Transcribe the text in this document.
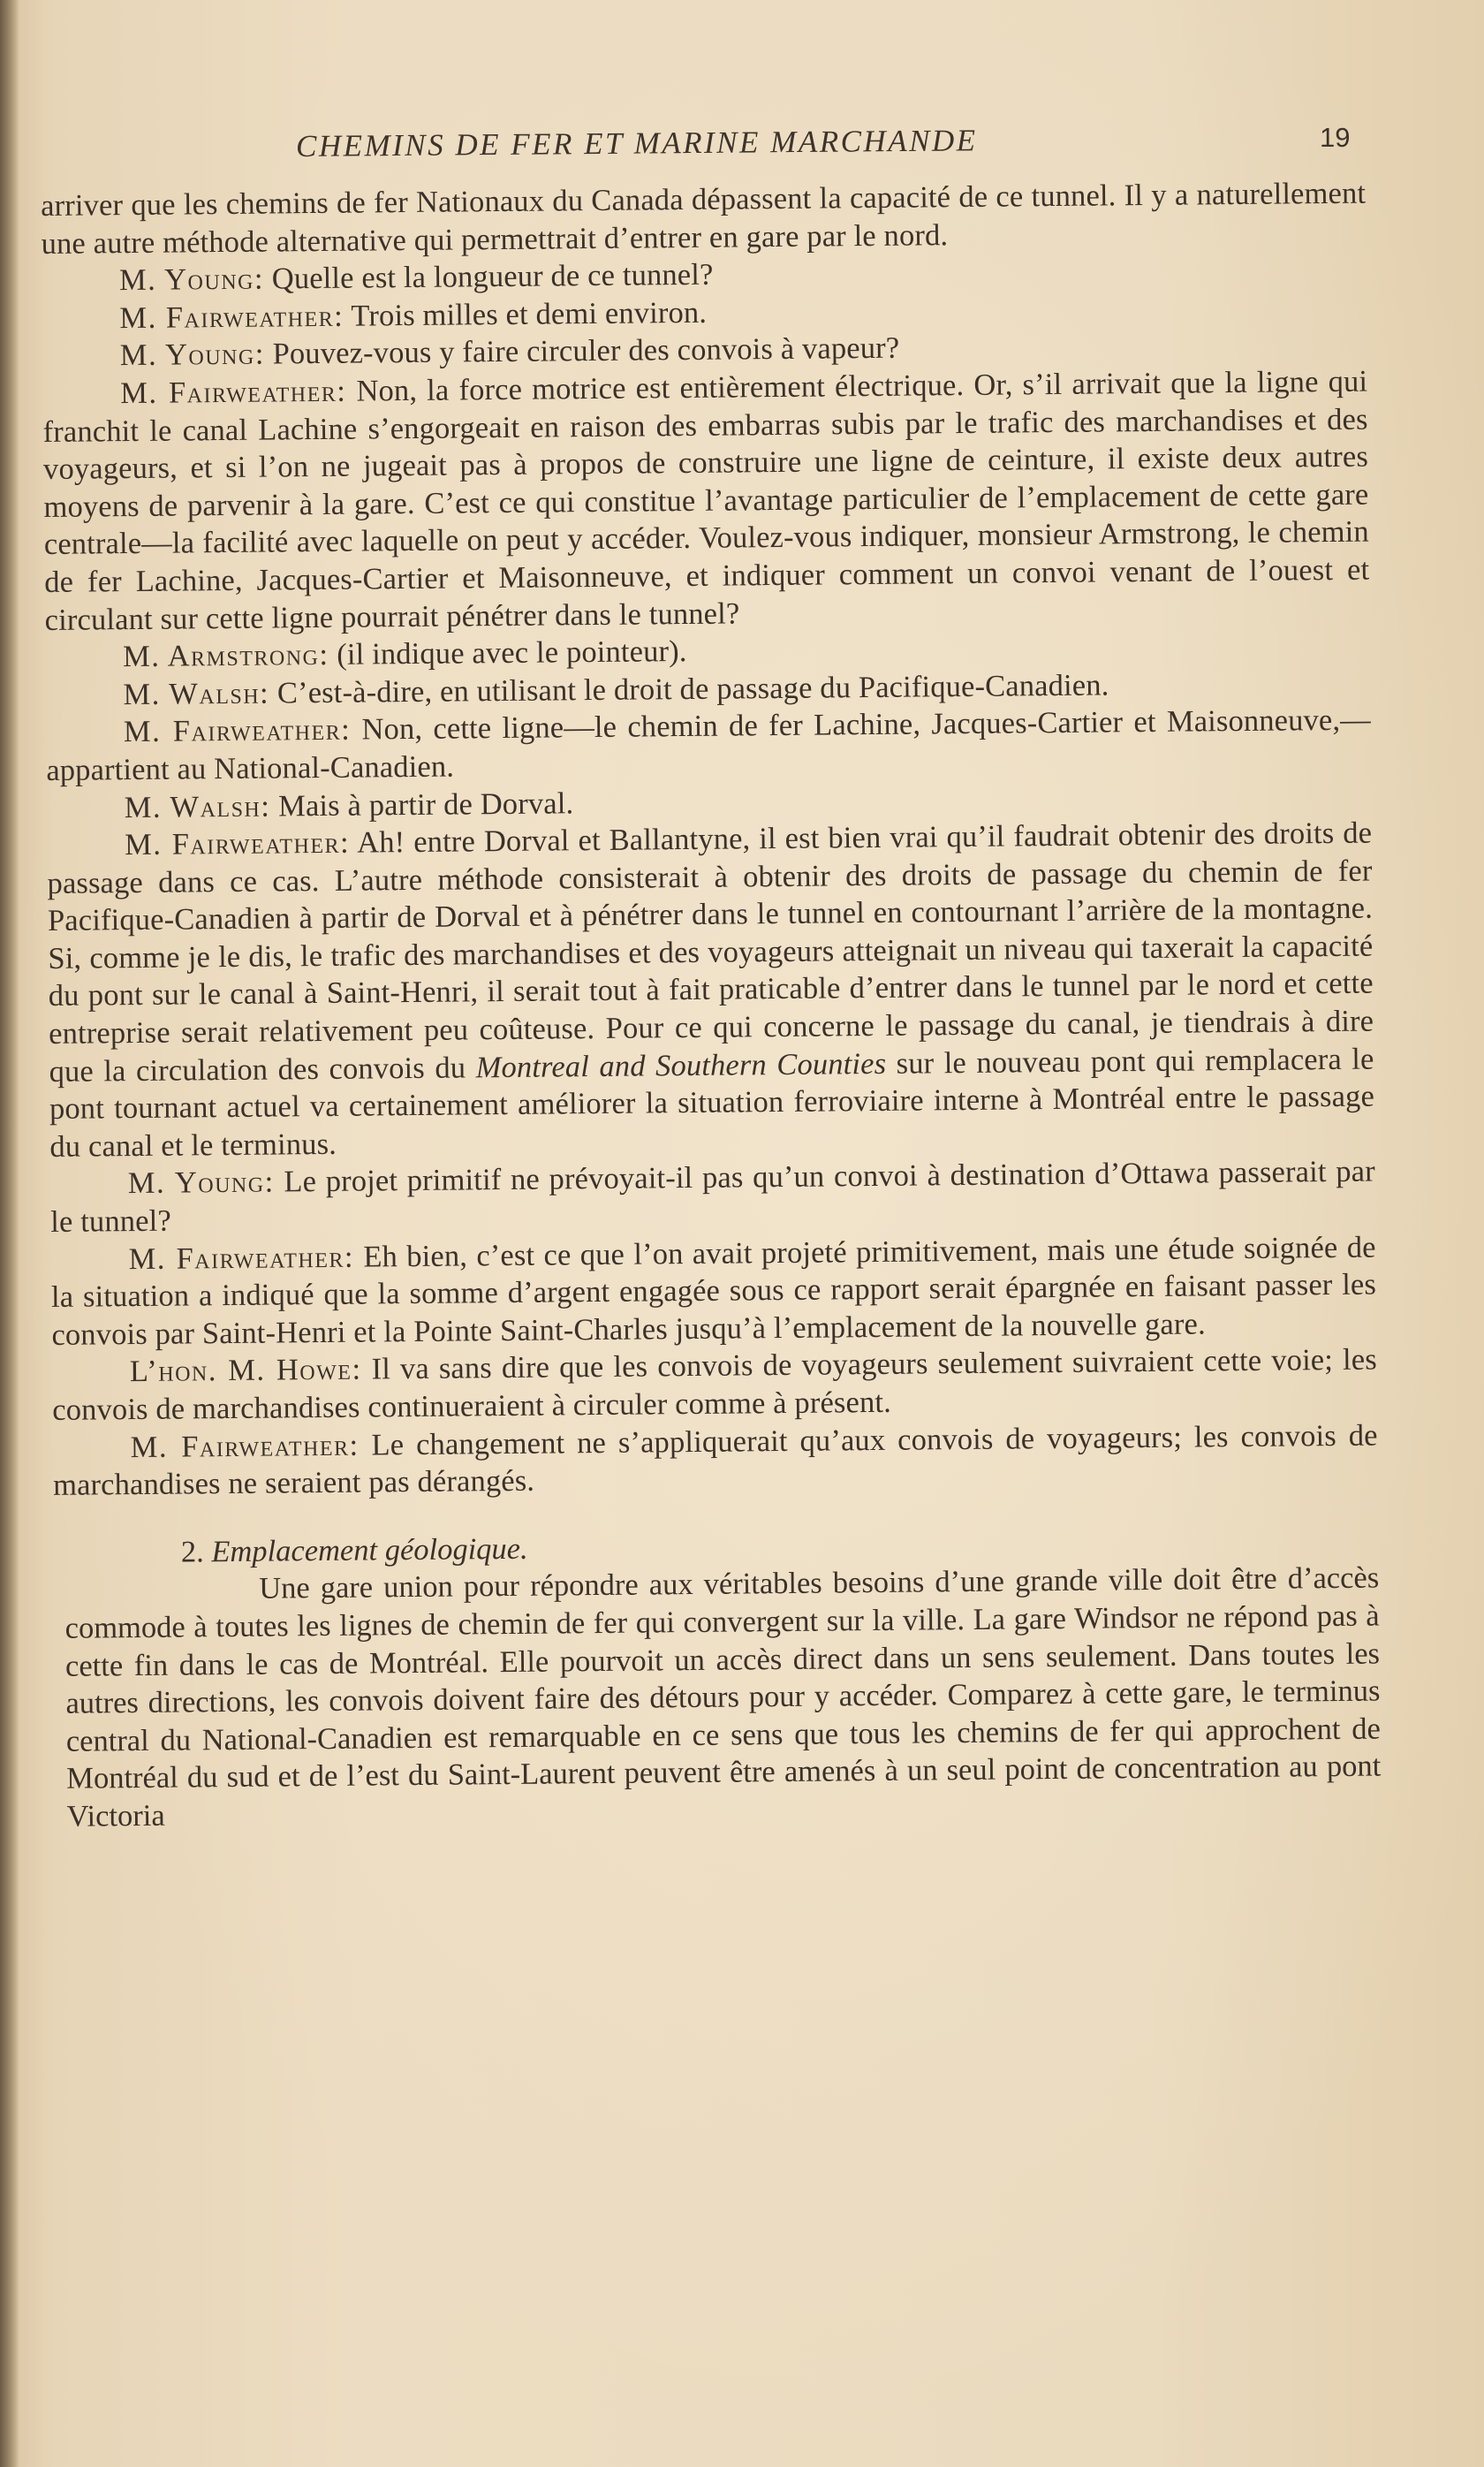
CHEMINS DE FER ET MARINE MARCHANDE	19

arriver que les chemins de fer Nationaux du Canada dépassent la capacité de ce tunnel. Il y a naturellement une autre méthode alternative qui permettrait d’entrer en gare par le nord.

M. Young: Quelle est la longueur de ce tunnel?

M. Fairweather: Trois milles et demi environ.

M. Young: Pouvez-vous y faire circuler des convois à vapeur?

M. Fairweather: Non, la force motrice est entièrement électrique. Or, s’il arrivait que la ligne qui franchit le canal Lachine s’engorgeait en raison des embarras subis par le trafic des marchandises et des voyageurs, et si l’on ne jugeait pas à propos de construire une ligne de ceinture, il existe deux autres moyens de parvenir à la gare. C’est ce qui constitue l’avantage particulier de l’emplacement de cette gare centrale—la facilité avec laquelle on peut y accéder. Voulez-vous indiquer, monsieur Armstrong, le chemin de fer Lachine, Jacques-Cartier et Maisonneuve, et indiquer comment un convoi venant de l’ouest et circulant sur cette ligne pourrait pénétrer dans le tunnel?

M. Armstrong: (il indique avec le pointeur).

M. Walsh: C’est-à-dire, en utilisant le droit de passage du Pacifique-Canadien.

M. Fairweather: Non, cette ligne—le chemin de fer Lachine, Jacques-Cartier et Maisonneuve,—appartient au National-Canadien.

M. Walsh: Mais à partir de Dorval.

M. Fairweather: Ah! entre Dorval et Ballantyne, il est bien vrai qu’il faudrait obtenir des droits de passage dans ce cas. L’autre méthode consisterait à obtenir des droits de passage du chemin de fer Pacifique-Canadien à partir de Dorval et à pénétrer dans le tunnel en contournant l’arrière de la montagne. Si, comme je le dis, le trafic des marchandises et des voyageurs atteignait un niveau qui taxerait la capacité du pont sur le canal à Saint-Henri, il serait tout à fait praticable d’entrer dans le tunnel par le nord et cette entreprise serait relativement peu coûteuse. Pour ce qui concerne le passage du canal, je tiendrais à dire que la circulation des convois du Montreal and Southern Counties sur le nouveau pont qui remplacera le pont tournant actuel va certainement améliorer la situation ferroviaire interne à Montréal entre le passage du canal et le terminus.

M. Young: Le projet primitif ne prévoyait-il pas qu’un convoi à destination d’Ottawa passerait par le tunnel?

M. Fairweather: Eh bien, c’est ce que l’on avait projeté primitivement, mais une étude soignée de la situation a indiqué que la somme d’argent engagée sous ce rapport serait épargnée en faisant passer les convois par Saint-Henri et la Pointe Saint-Charles jusqu’à l’emplacement de la nouvelle gare.

L’hon. M. Howe: Il va sans dire que les convois de voyageurs seulement suivraient cette voie; les convois de marchandises continueraient à circuler comme à présent.

M. Fairweather: Le changement ne s’appliquerait qu’aux convois de voyageurs; les convois de marchandises ne seraient pas dérangés.

2. Emplacement géologique.

Une gare union pour répondre aux véritables besoins d’une grande ville doit être d’accès commode à toutes les lignes de chemin de fer qui convergent sur la ville. La gare Windsor ne répond pas à cette fin dans le cas de Montréal. Elle pourvoit un accès direct dans un sens seulement. Dans toutes les autres directions, les convois doivent faire des détours pour y accéder. Comparez à cette gare, le terminus central du National-Canadien est remarquable en ce sens que tous les chemins de fer qui approchent de Montréal du sud et de l’est du Saint-Laurent peuvent être amenés à un seul point de concentration au pont Victoria
